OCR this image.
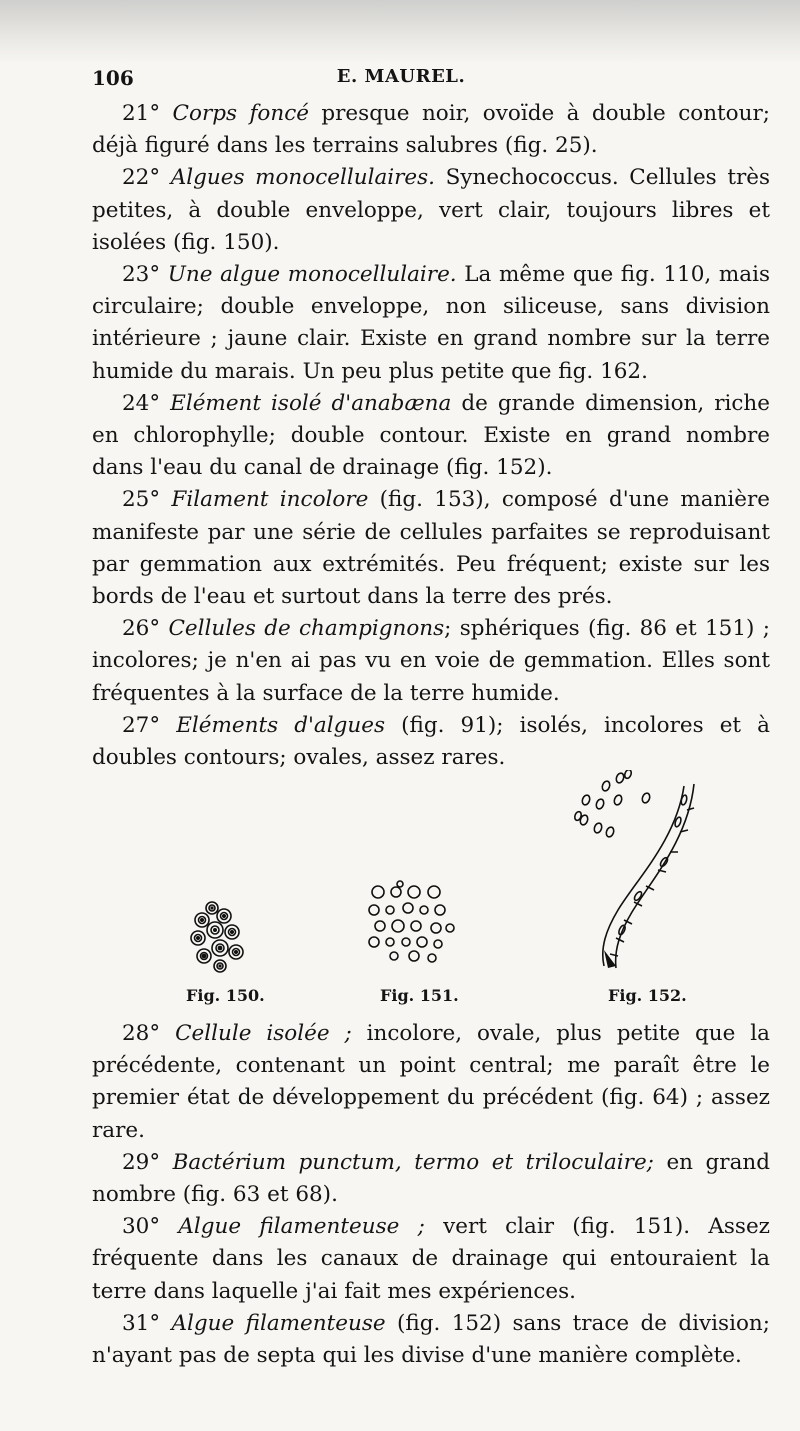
106	E. MAUREL.

21° Corps foncé presque noir, ovoïde à double contour; déjà figuré dans les terrains salubres (fig. 25).

22° Algues monocellulaires. Synechococcus. Cellules très petites, à double enveloppe, vert clair, toujours libres et isolées (fig. 150).

23° Une algue monocellulaire. La même que fig. 110, mais circulaire; double enveloppe, non siliceuse, sans division intérieure ; jaune clair. Existe en grand nombre sur la terre humide du marais. Un peu plus petite que fig. 162.

24° Elément isolé d'anabæna de grande dimension, riche en chlorophylle; double contour. Existe en grand nombre dans l'eau du canal de drainage (fig. 152).

25° Filament incolore (fig. 153), composé d'une manière manifeste par une série de cellules parfaites se reproduisant par gemmation aux extrémités. Peu fréquent; existe sur les bords de l'eau et surtout dans la terre des prés.

26° Cellules de champignons; sphériques (fig. 86 et 151) ; incolores; je n'en ai pas vu en voie de gemmation. Elles sont fréquentes à la surface de la terre humide.

27° Eléments d'algues (fig. 91); isolés, incolores et à doubles contours; ovales, assez rares.

Fig. 150.	Fig. 151.	Fig. 152.

28° Cellule isolée ; incolore, ovale, plus petite que la précédente, contenant un point central; me paraît être le premier état de développement du précédent (fig. 64) ; assez rare.

29° Bactérium punctum, termo et triloculaire; en grand nombre (fig. 63 et 68).

30° Algue filamenteuse ; vert clair (fig. 151). Assez fréquente dans les canaux de drainage qui entouraient la terre dans laquelle j'ai fait mes expériences.

31° Algue filamenteuse (fig. 152) sans trace de division; n'ayant pas de septa qui les divise d'une manière complète.
